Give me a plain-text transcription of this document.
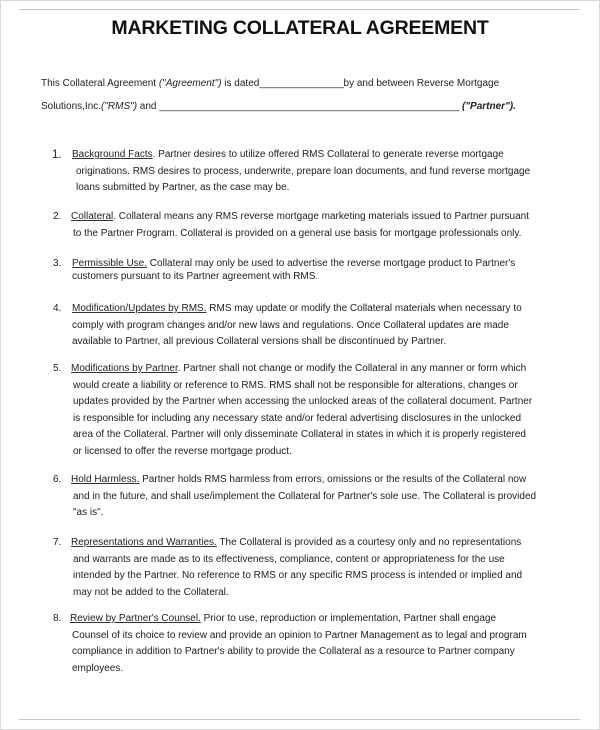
MARKETING COLLATERAL AGREEMENT
This Collateral Agreement ("Agreement") is dated________________by and between Reverse Mortgage
Solutions,Inc.("RMS") and _________________________________________________________ ("Partner").
1. Background Facts. Partner desires to utilize offered RMS Collateral to generate reverse mortgage
originations. RMS desires to process, underwrite, prepare loan documents, and fund reverse mortgage
loans submitted by Partner, as the case may be.
2. Collateral. Collateral means any RMS reverse mortgage marketing materials issued to Partner pursuant
to the Partner Program. Collateral is provided on a general use basis for mortgage professionals only.
3. Permissible Use. Collateral may only be used to advertise the reverse mortgage product to Partner's
customers pursuant to its Partner agreement with RMS.
4. Modification/Updates by RMS. RMS may update or modify the Collateral materials when necessary to
comply with program changes and/or new laws and regulations. Once Collateral updates are made
available to Partner, all previous Collateral versions shall be discontinued by Partner.
5. Modifications by Partner. Partner shall not change or modify the Collateral in any manner or form which
would create a liability or reference to RMS. RMS shall not be responsible for alterations, changes or
updates provided by the Partner when accessing the unlocked areas of the collateral document. Partner
is responsible for including any necessary state and/or federal advertising disclosures in the unlocked
area of the Collateral. Partner will only disseminate Collateral in states in which it is properly registered
or licensed to offer the reverse mortgage product.
6. Hold Harmless. Partner holds RMS harmless from errors, omissions or the results of the Collateral now
and in the future, and shall use/implement the Collateral for Partner's sole use. The Collateral is provided
"as is".
7. Representations and Warranties. The Collateral is provided as a courtesy only and no representations
and warrants are made as to its effectiveness, compliance, content or appropriateness for the use
intended by the Partner. No reference to RMS or any specific RMS process is intended or implied and
may not be added to the Collateral.
8. Review by Partner's Counsel. Prior to use, reproduction or implementation, Partner shall engage
Counsel of its choice to review and provide an opinion to Partner Management as to legal and program
compliance in addition to Partner's ability to provide the Collateral as a resource to Partner company
employees.
